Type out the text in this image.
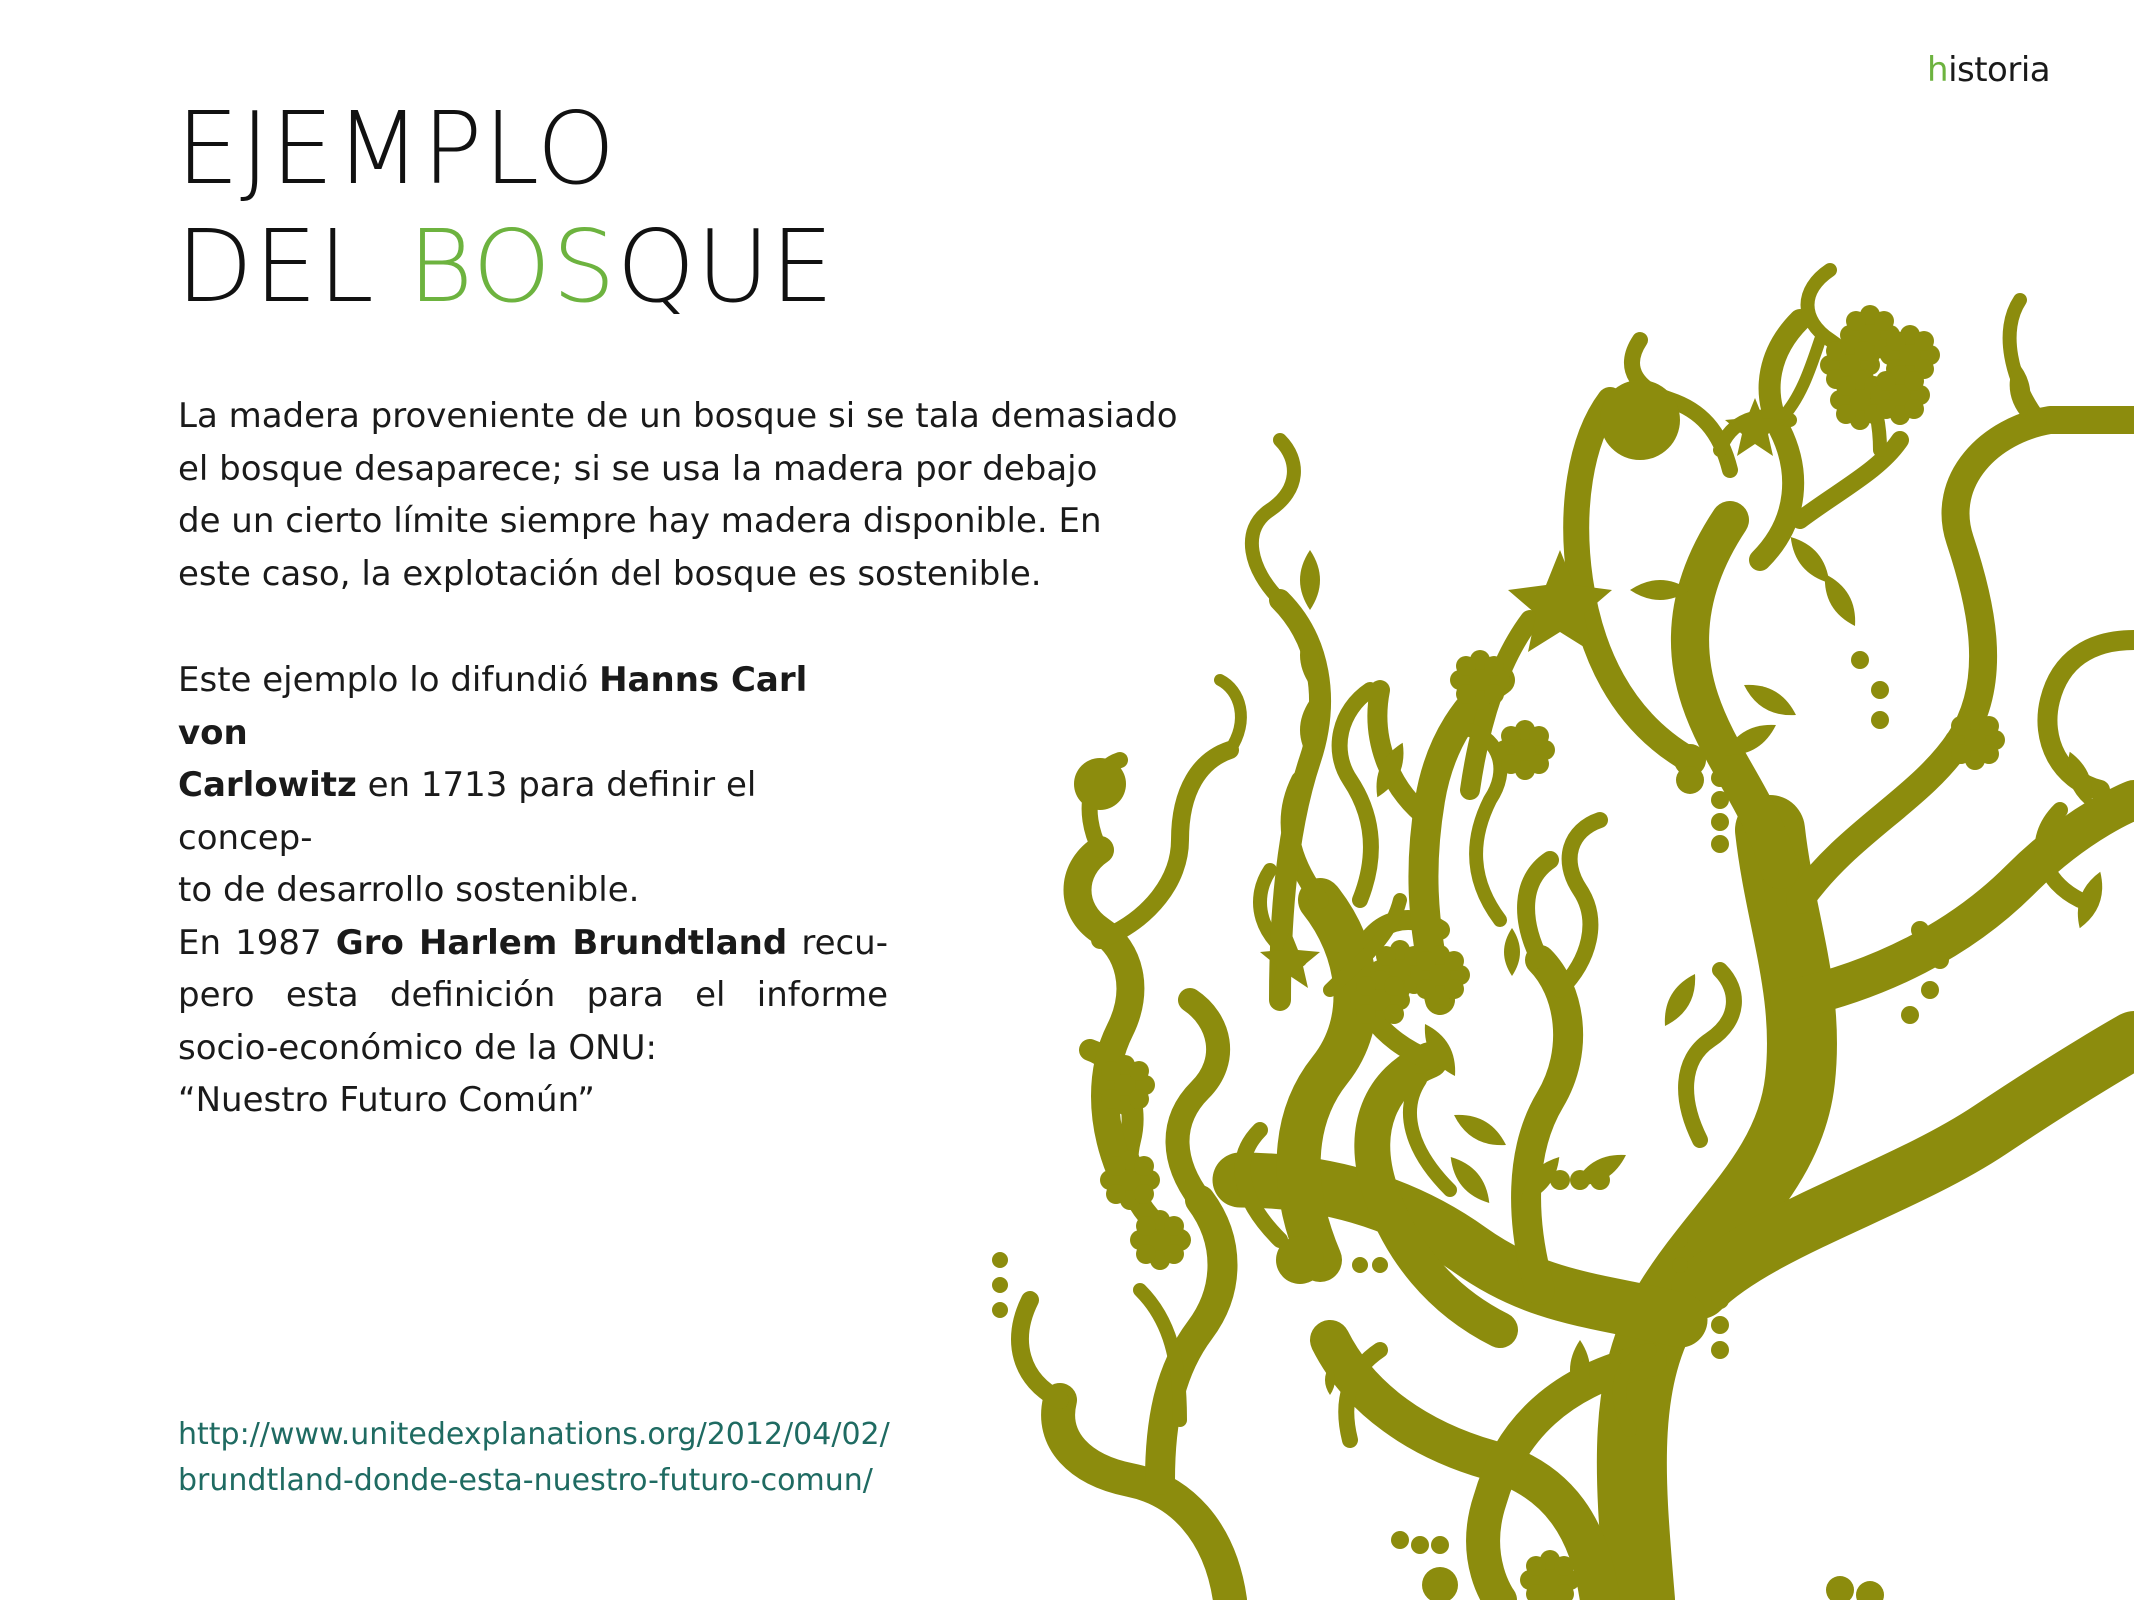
historia
EJEMPLO
DEL BOSQUE

La madera proveniente de un bosque si se tala demasiado
el bosque desaparece; si se usa la madera por debajo
de un cierto límite siempre hay madera disponible. En
este caso, la explotación del bosque es sostenible.

Este ejemplo lo difundió Hanns Carl von
Carlowitz en 1713 para definir el concep-
to de desarrollo sostenible.

En 1987 Gro Harlem Brundtland recu-
pero esta definición para el informe
socio-económico de la ONU:
“Nuestro Futuro Común”

http://www.unitedexplanations.org/2012/04/02/
brundtland-donde-esta-nuestro-futuro-comun/
